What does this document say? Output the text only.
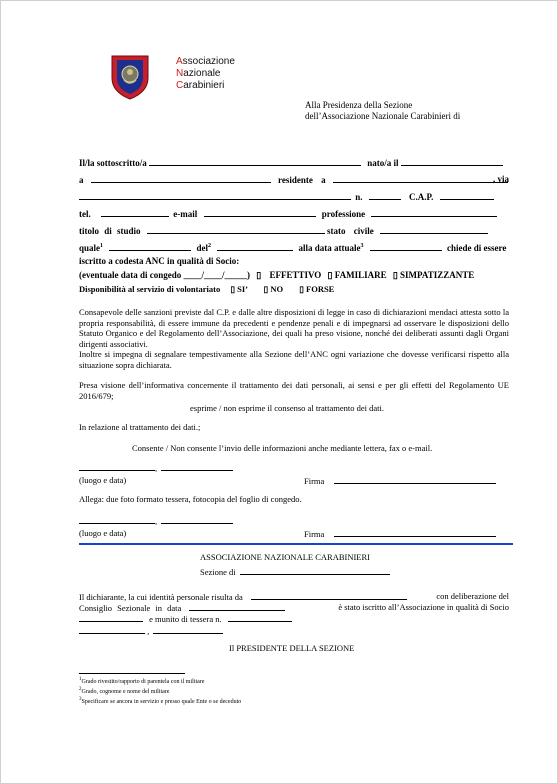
Associazione
Nazionale
Carabinieri
Alla Presidenza della Sezione
dell’Associazione Nazionale Carabinieri di
Il/la sottoscritto/a	nato/a il
a	residente a	, via
n.	C.A.P.
tel.	e-mail	professione
titolo di studio	stato civile
quale$^1$	del$^2$	alla data attuale$^3$	chiede di essere
iscritto a codesta ANC in qualità di Socio:
(eventuale data di congedo ____/____/_____) ▯ EFFETTIVO ▯ FAMILIARE ▯ SIMPATIZZANTE
Disponibilità al servizio di volontariato ▯ SI’ ▯ NO ▯ FORSE
Consapevole delle sanzioni previste dal C.P. e dalle altre disposizioni di legge in caso di dichiarazioni mendaci attesta sotto la propria responsabilità, di essere immune da precedenti e pendenze penali e di impegnarsi ad osservare le disposizioni dello Statuto Organico e del Regolamento dell’Associazione, dei quali ha preso visione, nonché dei deliberati assunti dagli Organi dirigenti associativi.
Inoltre si impegna di segnalare tempestivamente alla Sezione dell’ANC ogni variazione che dovesse verificarsi rispetto alla situazione sopra dichiarata.
Presa visione dell’informativa concernente il trattamento dei dati personali, ai sensi e per gli effetti del Regolamento UE 2016/679;
esprime / non esprime il consenso al trattamento dei dati.
In relazione al trattamento dei dati.;
Consente / Non consente l’invio delle informazioni anche mediante lettera, fax o e-mail.
,
(luogo e data)	Firma
Allega: due foto formato tessera, fotocopia del foglio di congedo.
,
(luogo e data)	Firma
ASSOCIAZIONE NAZIONALE CARABINIERI
Sezione di
Il dichiarante, la cui identità personale risulta da	con deliberazione del
Consiglio Sezionale in data	è stato iscritto all’Associazione in qualità di Socio
e munito di tessera n.
,
Il PRESIDENTE DELLA SEZIONE
$^1$Grado rivestito/rapporto di parentela con il militare
$^2$Grado, cognome e nome del militare
$^3$Specificare se ancora in servizio e presso quale Ente o se deceduto
